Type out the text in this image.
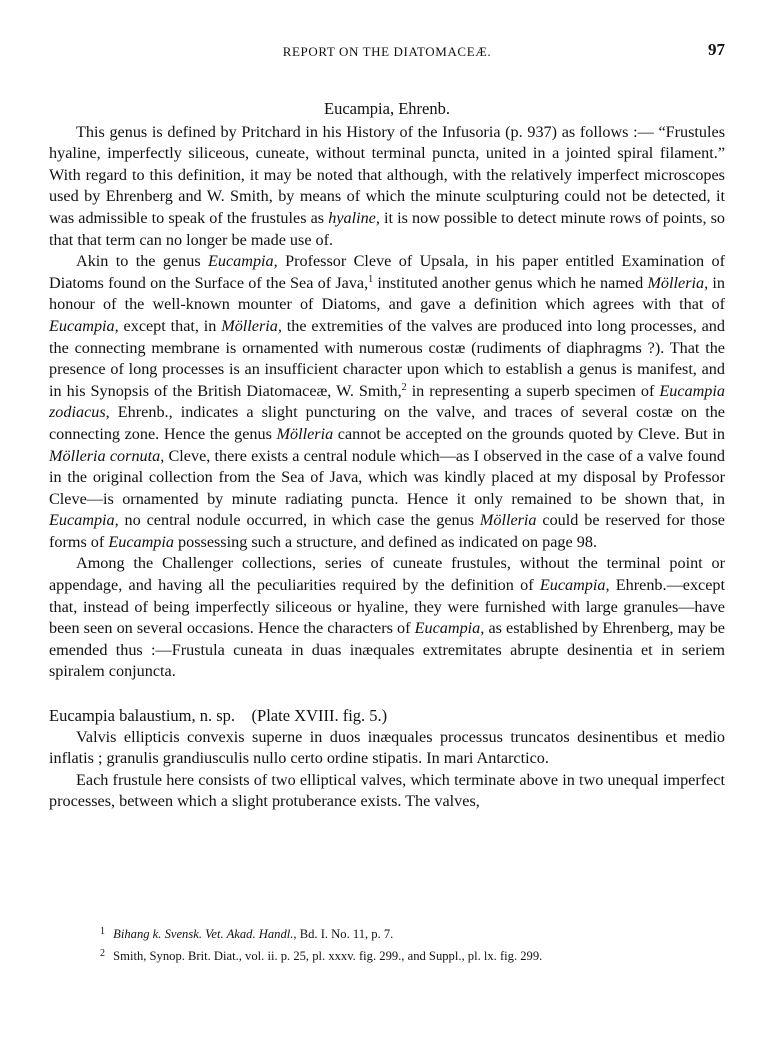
REPORT ON THE DIATOMACEÆ.	97
Eucampia, Ehrenb.

This genus is defined by Pritchard in his History of the Infusoria (p. 937) as follows :— “Frustules hyaline, imperfectly siliceous, cuneate, without terminal puncta, united in a jointed spiral filament.” With regard to this definition, it may be noted that although, with the relatively imperfect microscopes used by Ehrenberg and W. Smith, by means of which the minute sculpturing could not be detected, it was admissible to speak of the frustules as hyaline, it is now possible to detect minute rows of points, so that that term can no longer be made use of.

Akin to the genus Eucampia, Professor Cleve of Upsala, in his paper entitled Examination of Diatoms found on the Surface of the Sea of Java,$^1$ instituted another genus which he named Mölleria, in honour of the well-known mounter of Diatoms, and gave a definition which agrees with that of Eucampia, except that, in Mölleria, the extremities of the valves are produced into long processes, and the connecting membrane is ornamented with numerous costæ (rudiments of diaphragms ?). That the presence of long processes is an insufficient character upon which to establish a genus is manifest, and in his Synopsis of the British Diatomaceæ, W. Smith,$^2$ in representing a superb specimen of Eucampia zodiacus, Ehrenb., indicates a slight puncturing on the valve, and traces of several costæ on the connecting zone. Hence the genus Mölleria cannot be accepted on the grounds quoted by Cleve. But in Mölleria cornuta, Cleve, there exists a central nodule which—as I observed in the case of a valve found in the original collection from the Sea of Java, which was kindly placed at my disposal by Professor Cleve—is ornamented by minute radiating puncta. Hence it only remained to be shown that, in Eucampia, no central nodule occurred, in which case the genus Mölleria could be reserved for those forms of Eucampia possessing such a structure, and defined as indicated on page 98.

Among the Challenger collections, series of cuneate frustules, without the terminal point or appendage, and having all the peculiarities required by the definition of Eucampia, Ehrenb.—except that, instead of being imperfectly siliceous or hyaline, they were furnished with large granules—have been seen on several occasions. Hence the characters of Eucampia, as established by Ehrenberg, may be emended thus :—Frustula cuneata in duas inæquales extremitates abrupte desinentia et in seriem spiralem conjuncta.

Eucampia balaustium, n. sp. (Plate XVIII. fig. 5.)

Valvis ellipticis convexis superne in duos inæquales processus truncatos desinentibus et medio inflatis ; granulis grandiusculis nullo certo ordine stipatis. In mari Antarctico.

Each frustule here consists of two elliptical valves, which terminate above in two unequal imperfect processes, between which a slight protuberance exists. The valves,

1 Bihang k. Svensk. Vet. Akad. Handl., Bd. I. No. 11, p. 7.
2 Smith, Synop. Brit. Diat., vol. ii. p. 25, pl. xxxv. fig. 299., and Suppl., pl. lx. fig. 299.
